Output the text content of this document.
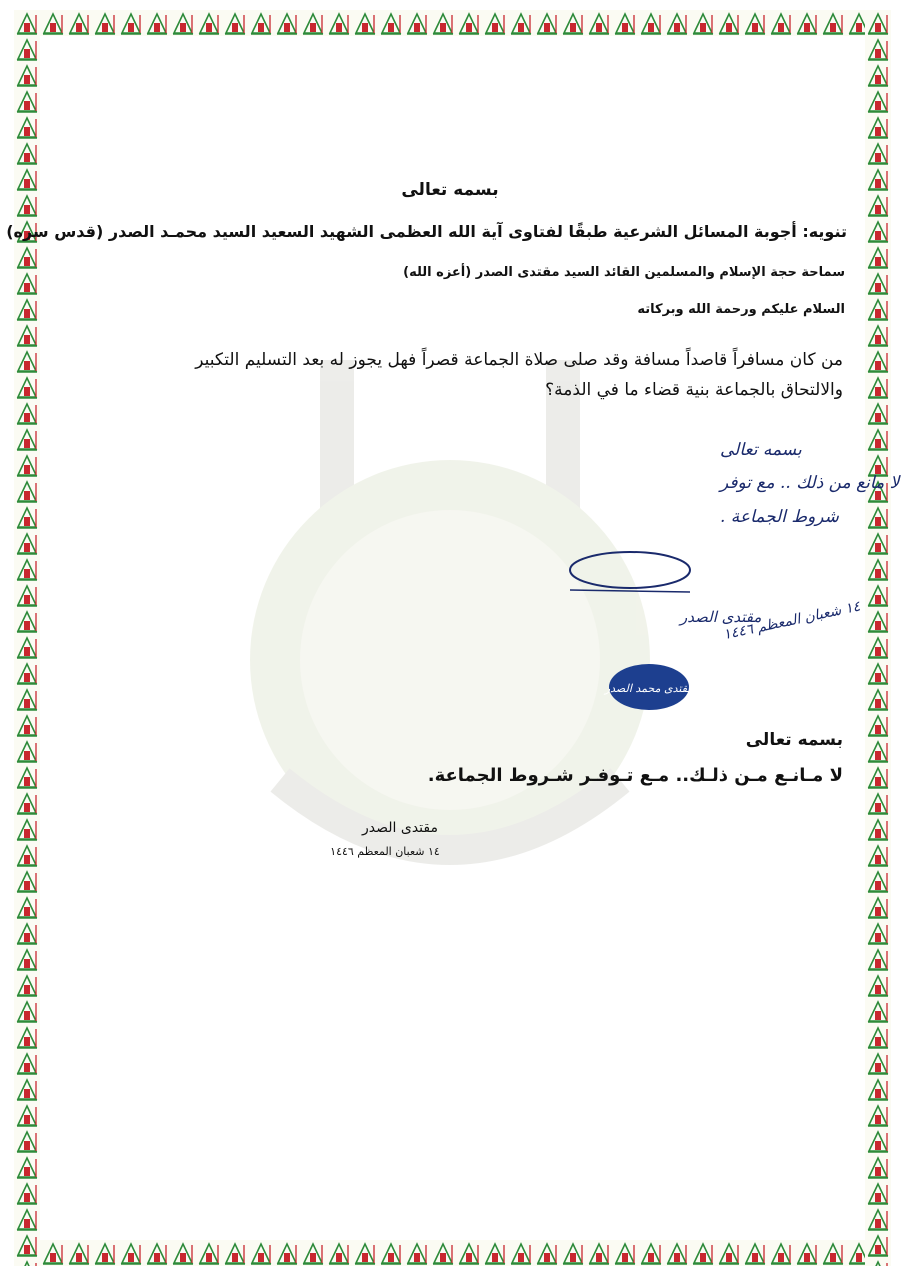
بسمه تعالى
تنويه: أجوبة المسائل الشرعية طبقًا لفتاوى آية الله العظمى الشهيد السعيد السيد محمـد الصدر (قدس سره)
سماحة حجة الإسلام والمسلمين القائد السيد مقتدى الصدر (أعزه الله)
السلام عليكم ورحمة الله وبركاته
من كان مسافراً قاصداً مسافة وقد صلى صلاة الجماعة قصراً فهل يجوز له بعد التسليم التكبير
والالتحاق بالجماعة بنية قضاء ما في الذمة؟
بسمه تعالى
لا مانع من ذلك .. مع توفر
شروط الجماعة .
مقتدى الصدر
١٤ شعبان المعظم ١٤٤٦
مقتدى محمد الصدر
بسمه تعالى
لا مـانـع مـن ذلـك.. مـع تـوفـر شـروط الجماعة.
مقتدى الصدر
١٤ شعبان المعظم ١٤٤٦
